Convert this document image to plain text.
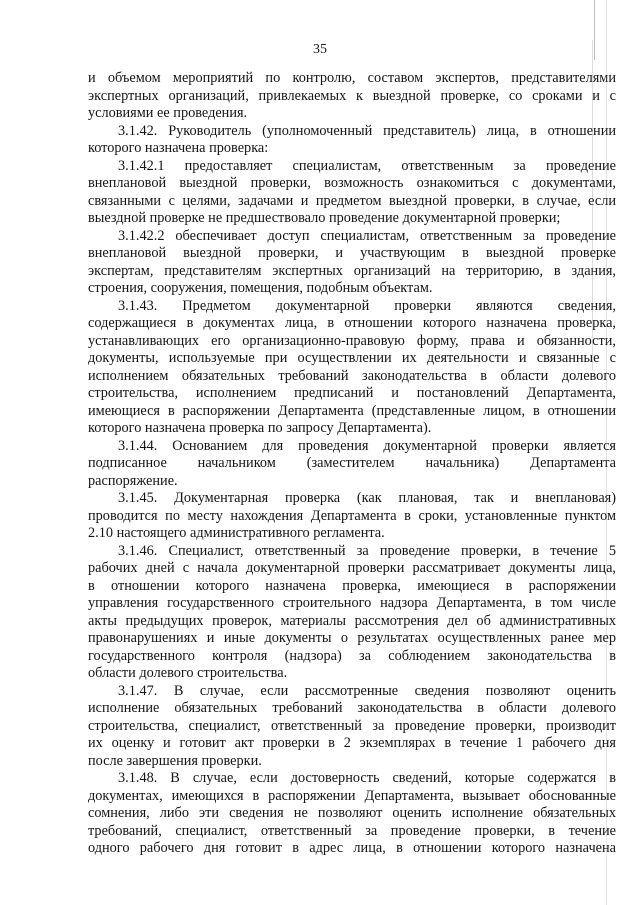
35
и объемом мероприятий по контролю, составом экспертов, представителями
экспертных организаций, привлекаемых к выездной проверке, со сроками и с
условиями ее проведения.
3.1.42. Руководитель (уполномоченный представитель) лица, в отношении
которого назначена проверка:
3.1.42.1 предоставляет специалистам, ответственным за проведение
внеплановой выездной проверки, возможность ознакомиться с документами,
связанными с целями, задачами и предметом выездной проверки, в случае, если
выездной проверке не предшествовало проведение документарной проверки;
3.1.42.2 обеспечивает доступ специалистам, ответственным за проведение
внеплановой выездной проверки, и участвующим в выездной проверке
экспертам, представителям экспертных организаций на территорию, в здания,
строения, сооружения, помещения, подобным объектам.
3.1.43. Предметом документарной проверки являются сведения,
содержащиеся в документах лица, в отношении которого назначена проверка,
устанавливающих его организационно-правовую форму, права и обязанности,
документы, используемые при осуществлении их деятельности и связанные с
исполнением обязательных требований законодательства в области долевого
строительства, исполнением предписаний и постановлений Департамента,
имеющиеся в распоряжении Департамента (представленные лицом, в отношении
которого назначена проверка по запросу Департамента).
3.1.44. Основанием для проведения документарной проверки является
подписанное начальником (заместителем начальника) Департамента
распоряжение.
3.1.45. Документарная проверка (как плановая, так и внеплановая)
проводится по месту нахождения Департамента в сроки, установленные пунктом
2.10 настоящего административного регламента.
3.1.46. Специалист, ответственный за проведение проверки, в течение 5
рабочих дней с начала документарной проверки рассматривает документы лица,
в отношении которого назначена проверка, имеющиеся в распоряжении
управления государственного строительного надзора Департамента, в том числе
акты предыдущих проверок, материалы рассмотрения дел об административных
правонарушениях и иные документы о результатах осуществленных ранее мер
государственного контроля (надзора) за соблюдением законодательства в
области долевого строительства.
3.1.47. В случае, если рассмотренные сведения позволяют оценить
исполнение обязательных требований законодательства в области долевого
строительства, специалист, ответственный за проведение проверки, производит
их оценку и готовит акт проверки в 2 экземплярах в течение 1 рабочего дня
после завершения проверки.
3.1.48. В случае, если достоверность сведений, которые содержатся в
документах, имеющихся в распоряжении Департамента, вызывает обоснованные
сомнения, либо эти сведения не позволяют оценить исполнение обязательных
требований, специалист, ответственный за проведение проверки, в течение
одного рабочего дня готовит в адрес лица, в отношении которого назначена
